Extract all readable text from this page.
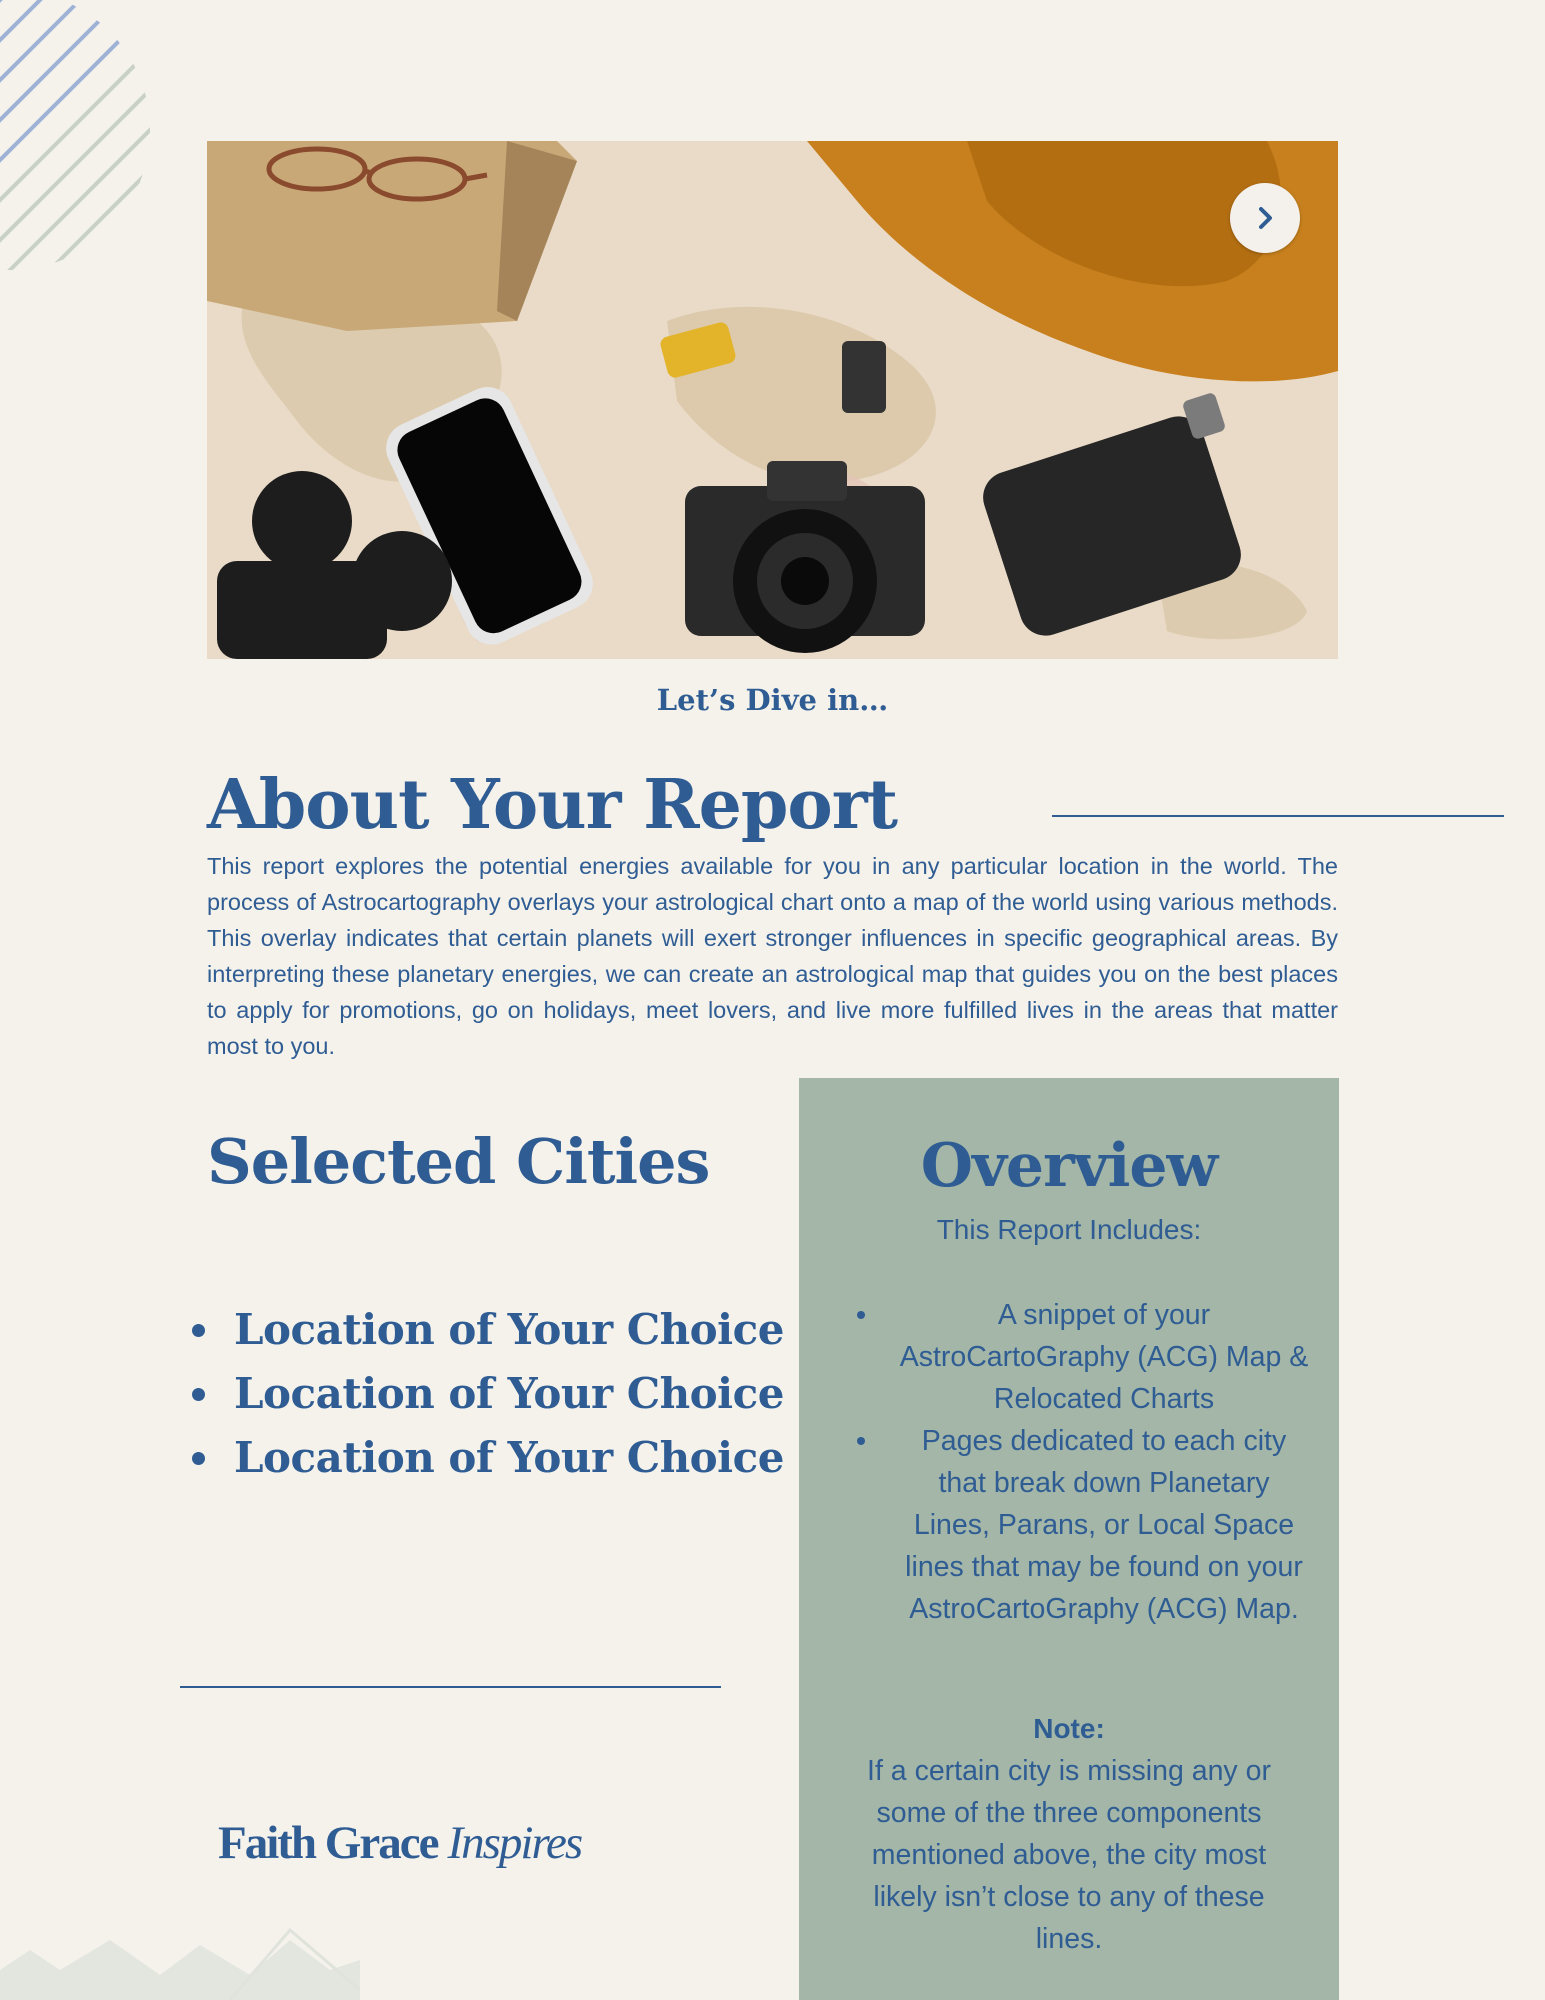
Let’s Dive in…
About Your Report

This report explores the potential energies available for you in any particular location in the world. The process of Astrocartography overlays your astrological chart onto a map of the world using various methods. This overlay indicates that certain planets will exert stronger influences in specific geographical areas. By interpreting these planetary energies, we can create an astrological map that guides you on the best places to apply for promotions, go on holidays, meet lovers, and live more fulfilled lives in the areas that matter most to you.

Selected Cities
Location of Your Choice
Location of Your Choice
Location of Your Choice
Faith Grace Inspires
Overview
This Report Includes:
A snippet of your AstroCartoGraphy (ACG) Map & Relocated Charts
Pages dedicated to each city that break down Planetary Lines, Parans, or Local Space lines that may be found on your AstroCartoGraphy (ACG) Map.
Note:

If a certain city is missing any or some of the three components mentioned above, the city most likely isn’t close to any of these lines.
